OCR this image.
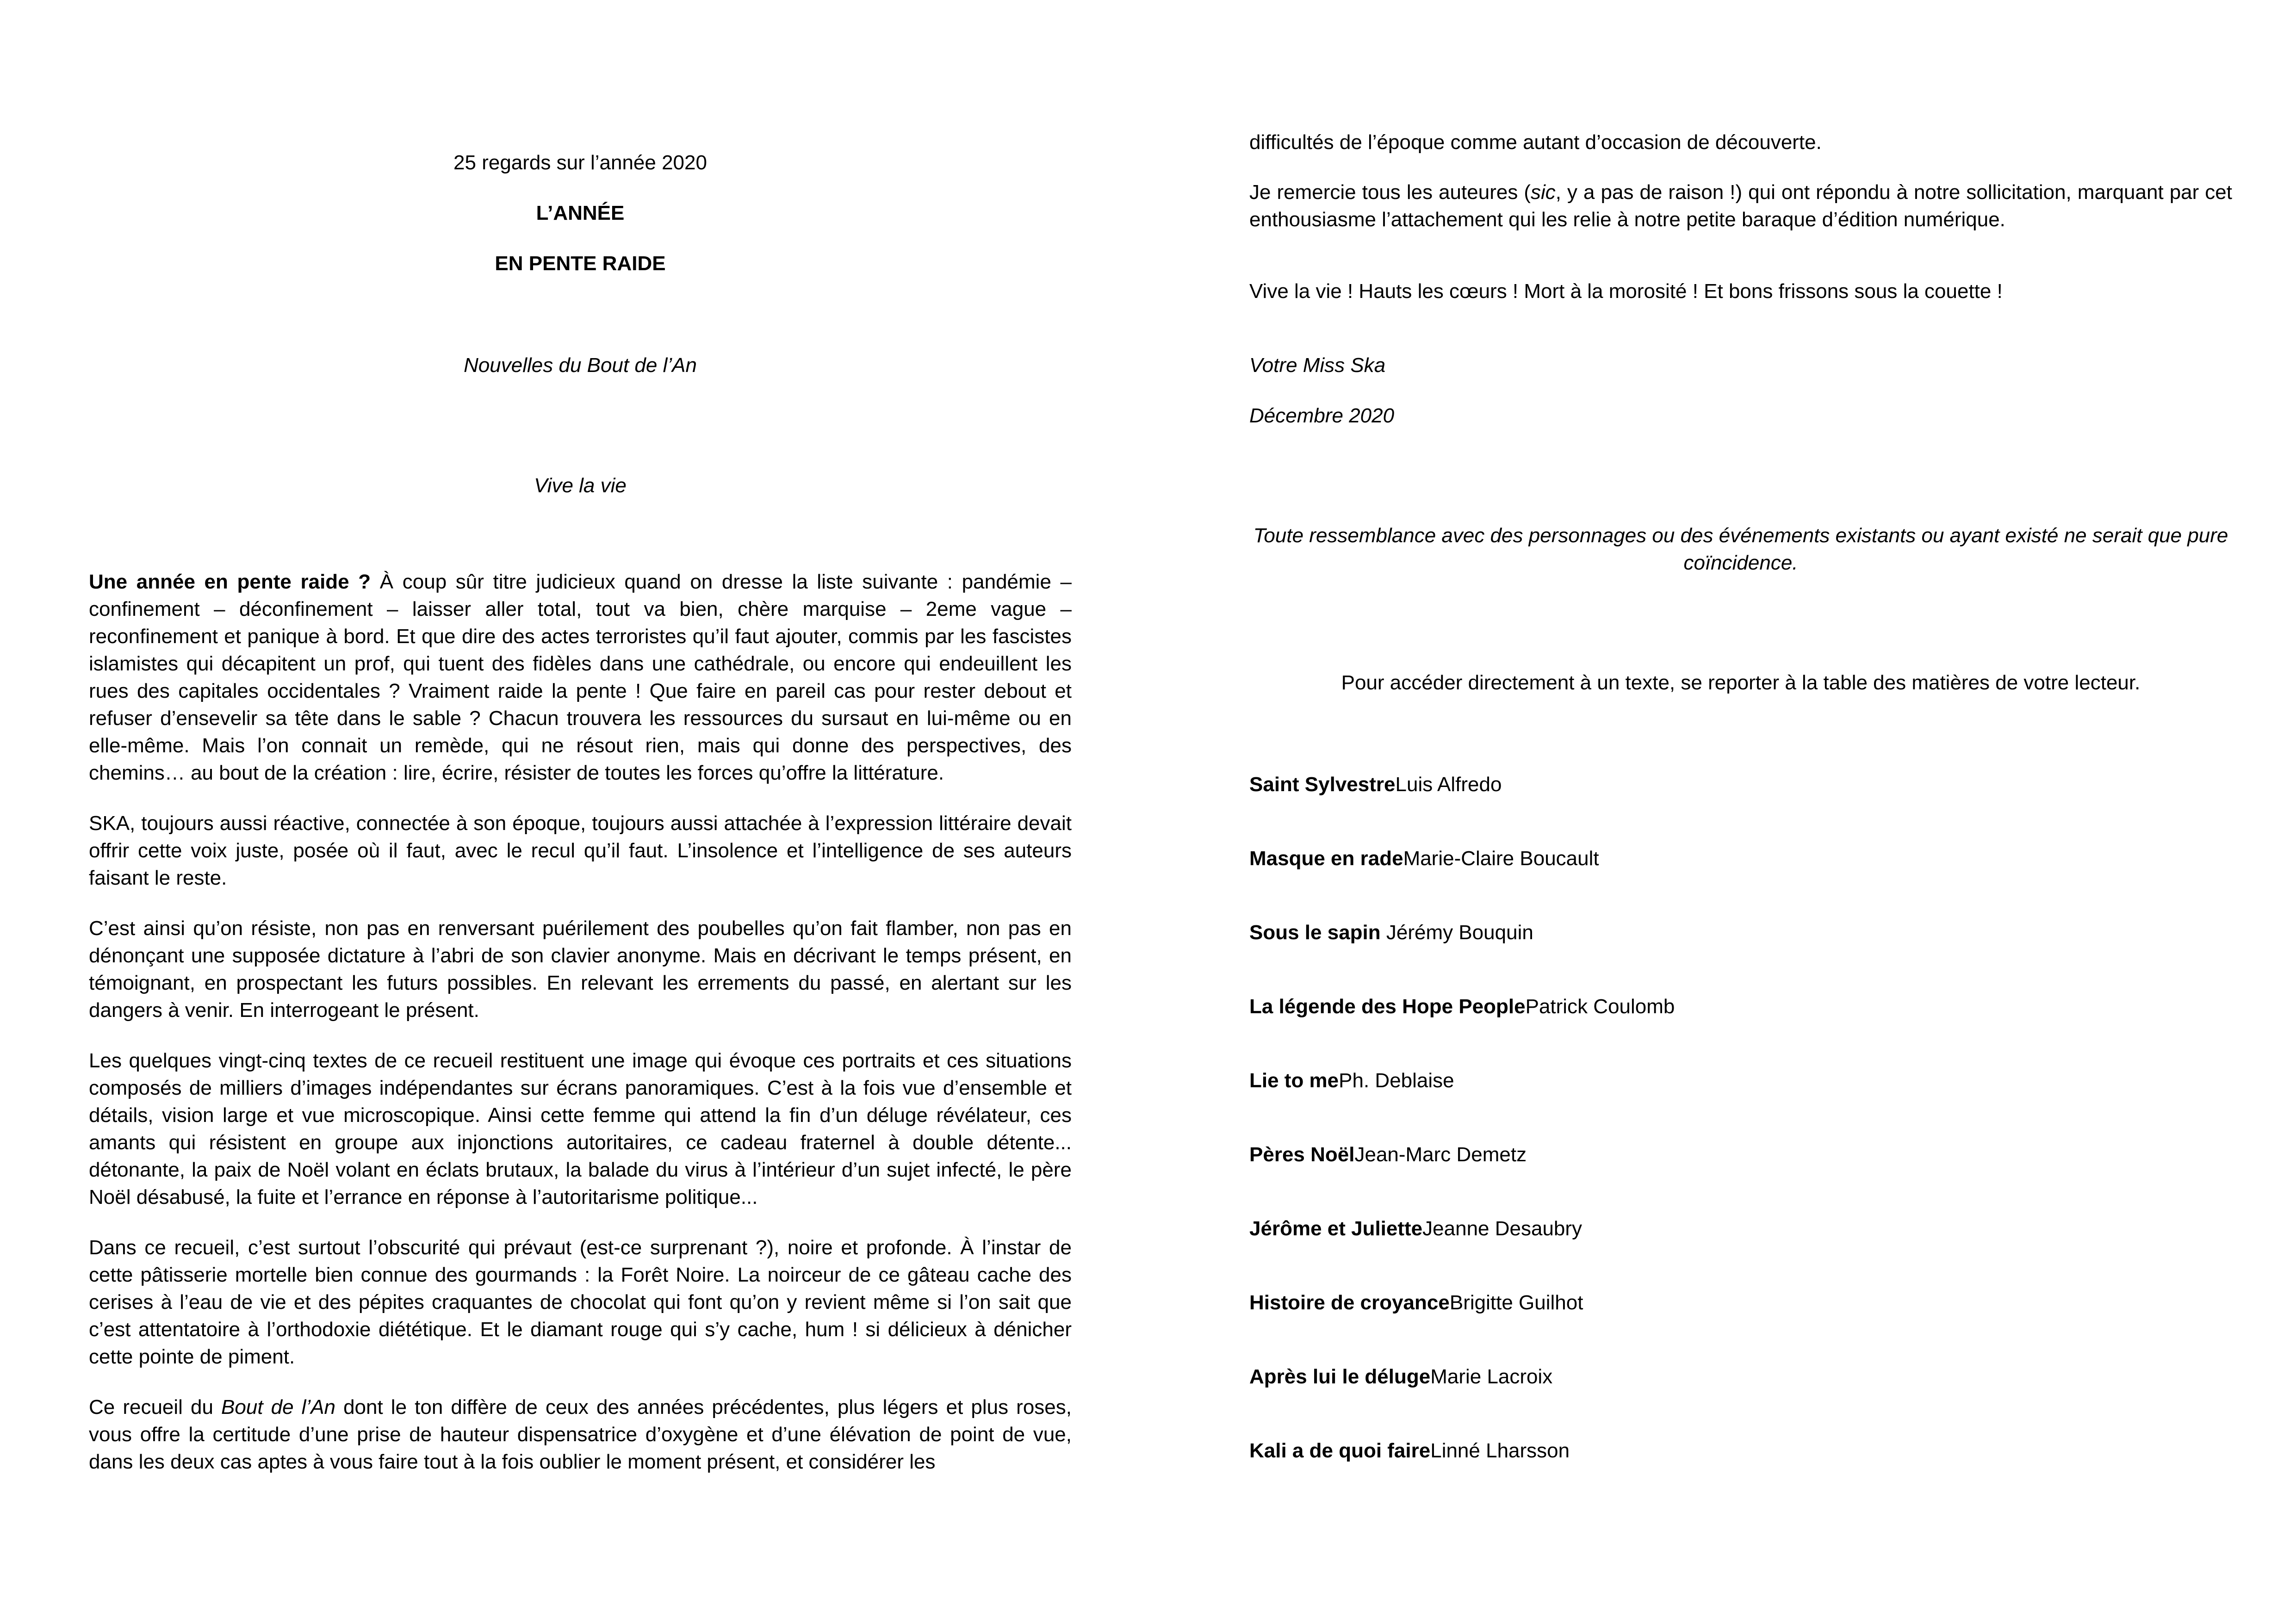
25 regards sur l’année 2020

L’ANNÉE

EN PENTE RAIDE

Nouvelles du Bout de l’An

Vive la vie

Une année en pente raide ? À coup sûr titre judicieux quand on dresse la liste suivante : pandémie – confinement – déconfinement – laisser aller total, tout va bien, chère marquise – 2eme vague – reconfinement et panique à bord. Et que dire des actes terroristes qu’il faut ajouter, commis par les fascistes islamistes qui décapitent un prof, qui tuent des fidèles dans une cathédrale, ou encore qui endeuillent les rues des capitales occidentales ? Vraiment raide la pente ! Que faire en pareil cas pour rester debout et refuser d’ensevelir sa tête dans le sable ? Chacun trouvera les ressources du sursaut en lui-même ou en elle-même. Mais l’on connait un remède, qui ne résout rien, mais qui donne des perspectives, des chemins… au bout de la création : lire, écrire, résister de toutes les forces qu’offre la littérature.

SKA, toujours aussi réactive, connectée à son époque, toujours aussi attachée à l’expression littéraire devait offrir cette voix juste, posée où il faut, avec le recul qu’il faut. L’insolence et l’intelligence de ses auteurs faisant le reste.

C’est ainsi qu’on résiste, non pas en renversant puérilement des poubelles qu’on fait flamber, non pas en dénonçant une supposée dictature à l’abri de son clavier anonyme. Mais en décrivant le temps présent, en témoignant, en prospectant les futurs possibles. En relevant les errements du passé, en alertant sur les dangers à venir. En interrogeant le présent.

Les quelques vingt-cinq textes de ce recueil restituent une image qui évoque ces portraits et ces situations composés de milliers d’images indépendantes sur écrans panoramiques. C’est à la fois vue d’ensemble et détails, vision large et vue microscopique. Ainsi cette femme qui attend la fin d’un déluge révélateur, ces amants qui résistent en groupe aux injonctions autoritaires, ce cadeau fraternel à double détente... détonante, la paix de Noël volant en éclats brutaux, la balade du virus à l’intérieur d’un sujet infecté, le père Noël désabusé, la fuite et l’errance en réponse à l’autoritarisme politique...

Dans ce recueil, c’est surtout l’obscurité qui prévaut (est-ce surprenant ?), noire et profonde. À l’instar de cette pâtisserie mortelle bien connue des gourmands : la Forêt Noire. La noirceur de ce gâteau cache des cerises à l’eau de vie et des pépites craquantes de chocolat qui font qu’on y revient même si l’on sait que c’est attentatoire à l’orthodoxie diététique. Et le diamant rouge qui s’y cache, hum ! si délicieux à dénicher cette pointe de piment.

Ce recueil du Bout de l’An dont le ton diffère de ceux des années précédentes, plus légers et plus roses, vous offre la certitude d’une prise de hauteur dispensatrice d’oxygène et d’une élévation de point de vue, dans les deux cas aptes à vous faire tout à la fois oublier le moment présent, et considérer les

difficultés de l’époque comme autant d’occasion de découverte.

Je remercie tous les auteures (sic, y a pas de raison !) qui ont répondu à notre sollicitation, marquant par cet enthousiasme l’attachement qui les relie à notre petite baraque d’édition numérique.

Vive la vie ! Hauts les cœurs ! Mort à la morosité ! Et bons frissons sous la couette !

Votre Miss Ska

Décembre 2020

Toute ressemblance avec des personnages ou des événements existants ou ayant existé ne serait que pure coïncidence.

Pour accéder directement à un texte, se reporter à la table des matières de votre lecteur.

Saint SylvestreLuis Alfredo

Masque en radeMarie-Claire Boucault

Sous le sapin Jérémy Bouquin

La légende des Hope PeoplePatrick Coulomb

Lie to mePh. Deblaise

Pères NoëlJean-Marc Demetz

Jérôme et JulietteJeanne Desaubry

Histoire de croyanceBrigitte Guilhot

Après lui le délugeMarie Lacroix

Kali a de quoi faireLinné Lharsson
